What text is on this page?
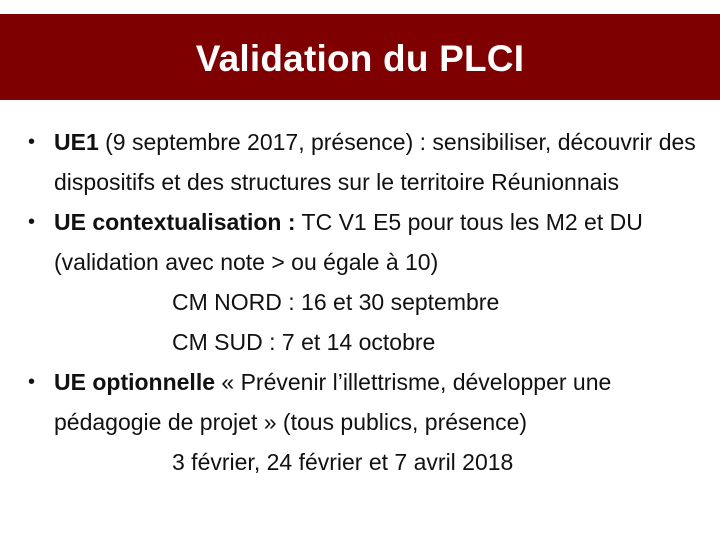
Validation du PLCI
• UE1 (9 septembre 2017, présence) : sensibiliser, découvrir des dispositifs et des structures sur le territoire Réunionnais
• UE contextualisation : TC V1 E5 pour tous les M2 et DU (validation avec note > ou égale à 10)
CM NORD : 16 et 30 septembre
CM SUD : 7 et 14 octobre
• UE optionnelle « Prévenir l’illettrisme, développer une pédagogie de projet » (tous publics, présence)
3 février, 24 février et 7 avril 2018
